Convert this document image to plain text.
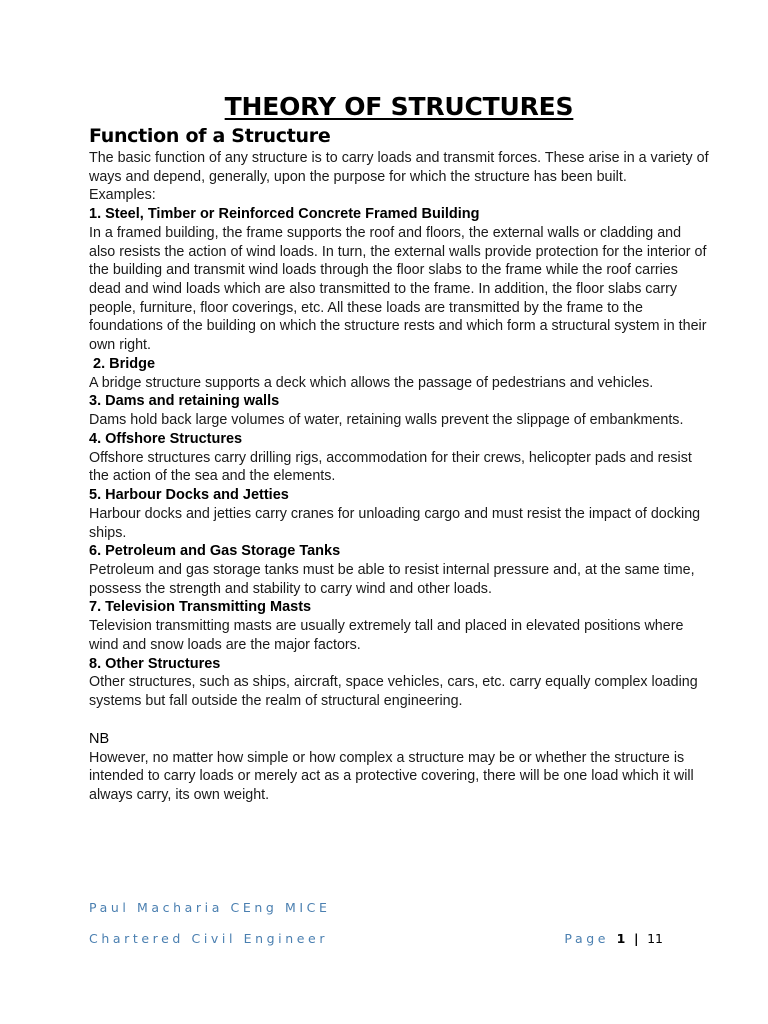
THEORY OF STRUCTURES
Function of a Structure

The basic function of any structure is to carry loads and transmit forces. These arise in a variety of ways and depend, generally, upon the purpose for which the structure has been built.

Examples:

1. Steel, Timber or Reinforced Concrete Framed Building

In a framed building, the frame supports the roof and floors, the external walls or cladding and also resists the action of wind loads. In turn, the external walls provide protection for the interior of the building and transmit wind loads through the floor slabs to the frame while the roof carries dead and wind loads which are also transmitted to the frame. In addition, the floor slabs carry people, furniture, floor coverings, etc. All these loads are transmitted by the frame to the foundations of the building on which the structure rests and which form a structural system in their own right.

2. Bridge

A bridge structure supports a deck which allows the passage of pedestrians and vehicles.

3. Dams and retaining walls

Dams hold back large volumes of water, retaining walls prevent the slippage of embankments.

4. Offshore Structures

Offshore structures carry drilling rigs, accommodation for their crews, helicopter pads and resist the action of the sea and the elements.

5. Harbour Docks and Jetties

Harbour docks and jetties carry cranes for unloading cargo and must resist the impact of docking ships.

6. Petroleum and Gas Storage Tanks

Petroleum and gas storage tanks must be able to resist internal pressure and, at the same time, possess the strength and stability to carry wind and other loads.

7. Television Transmitting Masts

Television transmitting masts are usually extremely tall and placed in elevated positions where wind and snow loads are the major factors.

8. Other Structures

Other structures, such as ships, aircraft, space vehicles, cars, etc. carry equally complex loading systems but fall outside the realm of structural engineering.

NB

However, no matter how simple or how complex a structure may be or whether the structure is intended to carry loads or merely act as a protective covering, there will be one load which it will always carry, its own weight.

Paul Macharia CEng MICE
Chartered Civil Engineer	Page 1 | 11
